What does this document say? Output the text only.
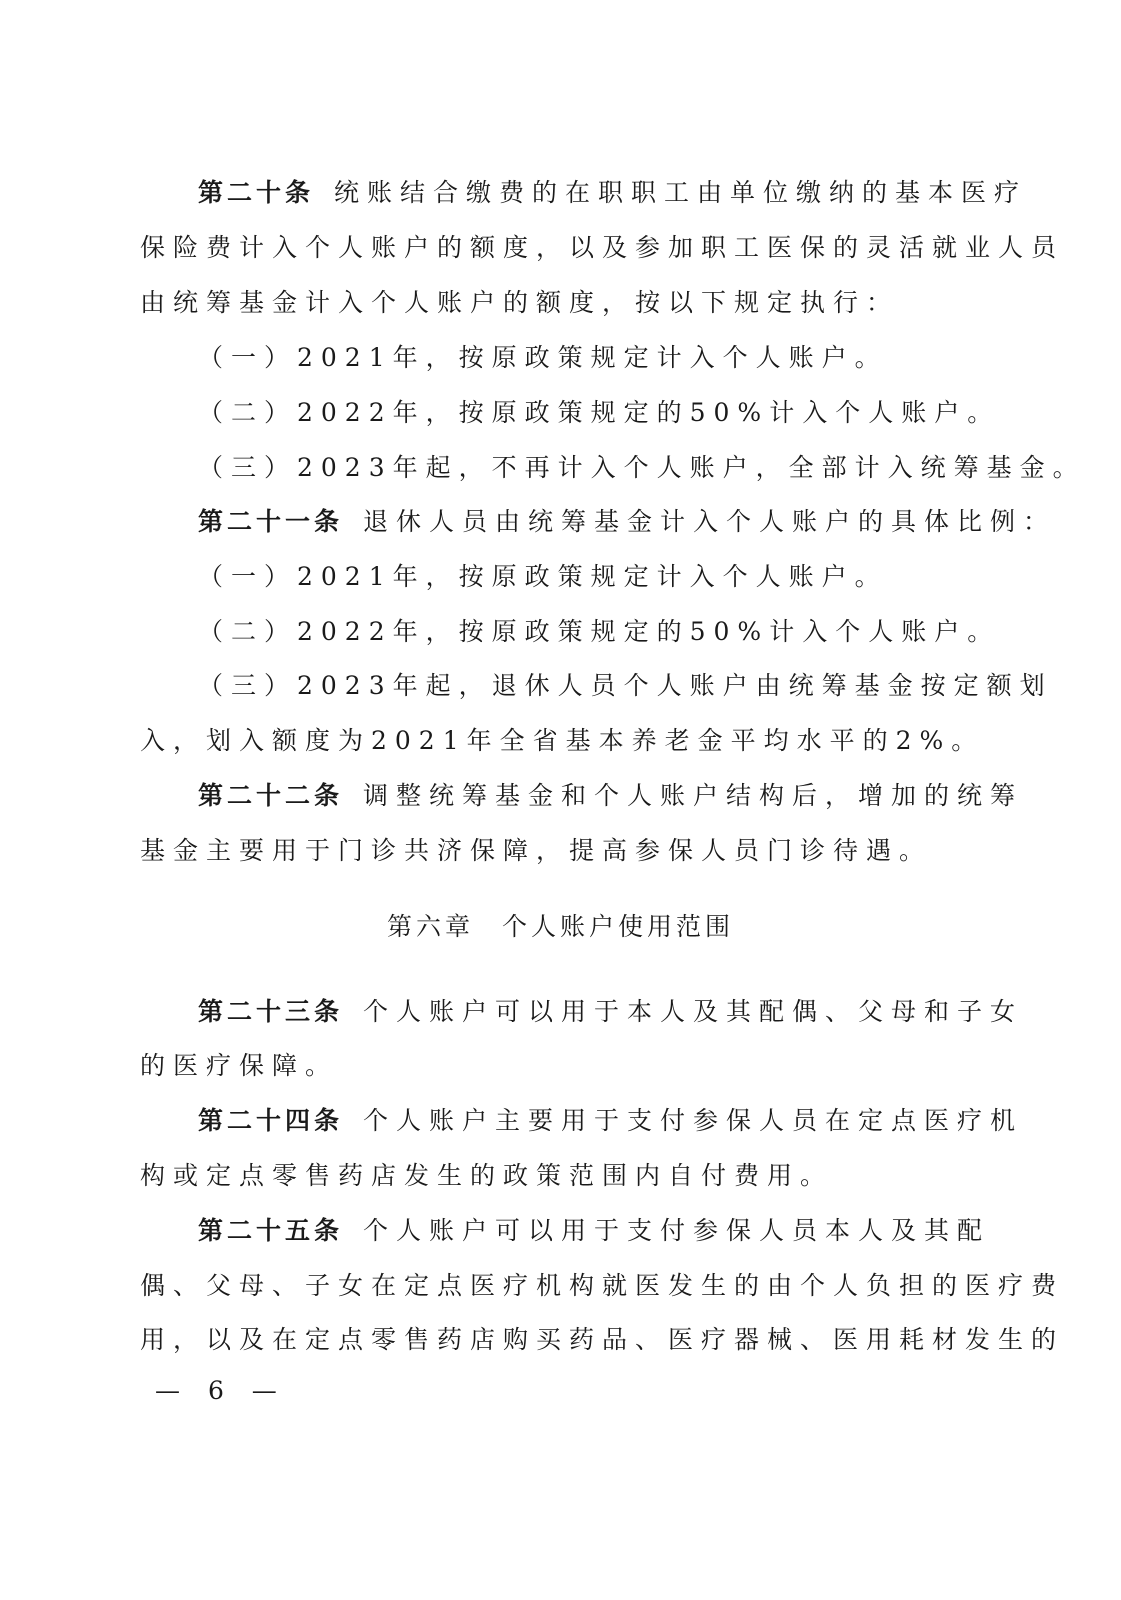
第二十条 统账结合缴费的在职职工由单位缴纳的基本医疗
保险费计入个人账户的额度，以及参加职工医保的灵活就业人员
由统筹基金计入个人账户的额度，按以下规定执行：
（一）2021年，按原政策规定计入个人账户。
（二）2022年，按原政策规定的50%计入个人账户。
（三）2023年起，不再计入个人账户，全部计入统筹基金。
第二十一条 退休人员由统筹基金计入个人账户的具体比例：
（一）2021年，按原政策规定计入个人账户。
（二）2022年，按原政策规定的50%计入个人账户。
（三）2023年起，退休人员个人账户由统筹基金按定额划
入，划入额度为2021年全省基本养老金平均水平的2%。
第二十二条 调整统筹基金和个人账户结构后，增加的统筹
基金主要用于门诊共济保障，提高参保人员门诊待遇。
第六章 个人账户使用范围
第二十三条 个人账户可以用于本人及其配偶、父母和子女
的医疗保障。
第二十四条 个人账户主要用于支付参保人员在定点医疗机
构或定点零售药店发生的政策范围内自付费用。
第二十五条 个人账户可以用于支付参保人员本人及其配
偶、父母、子女在定点医疗机构就医发生的由个人负担的医疗费
用，以及在定点零售药店购买药品、医疗器械、医用耗材发生的
— 6 —
